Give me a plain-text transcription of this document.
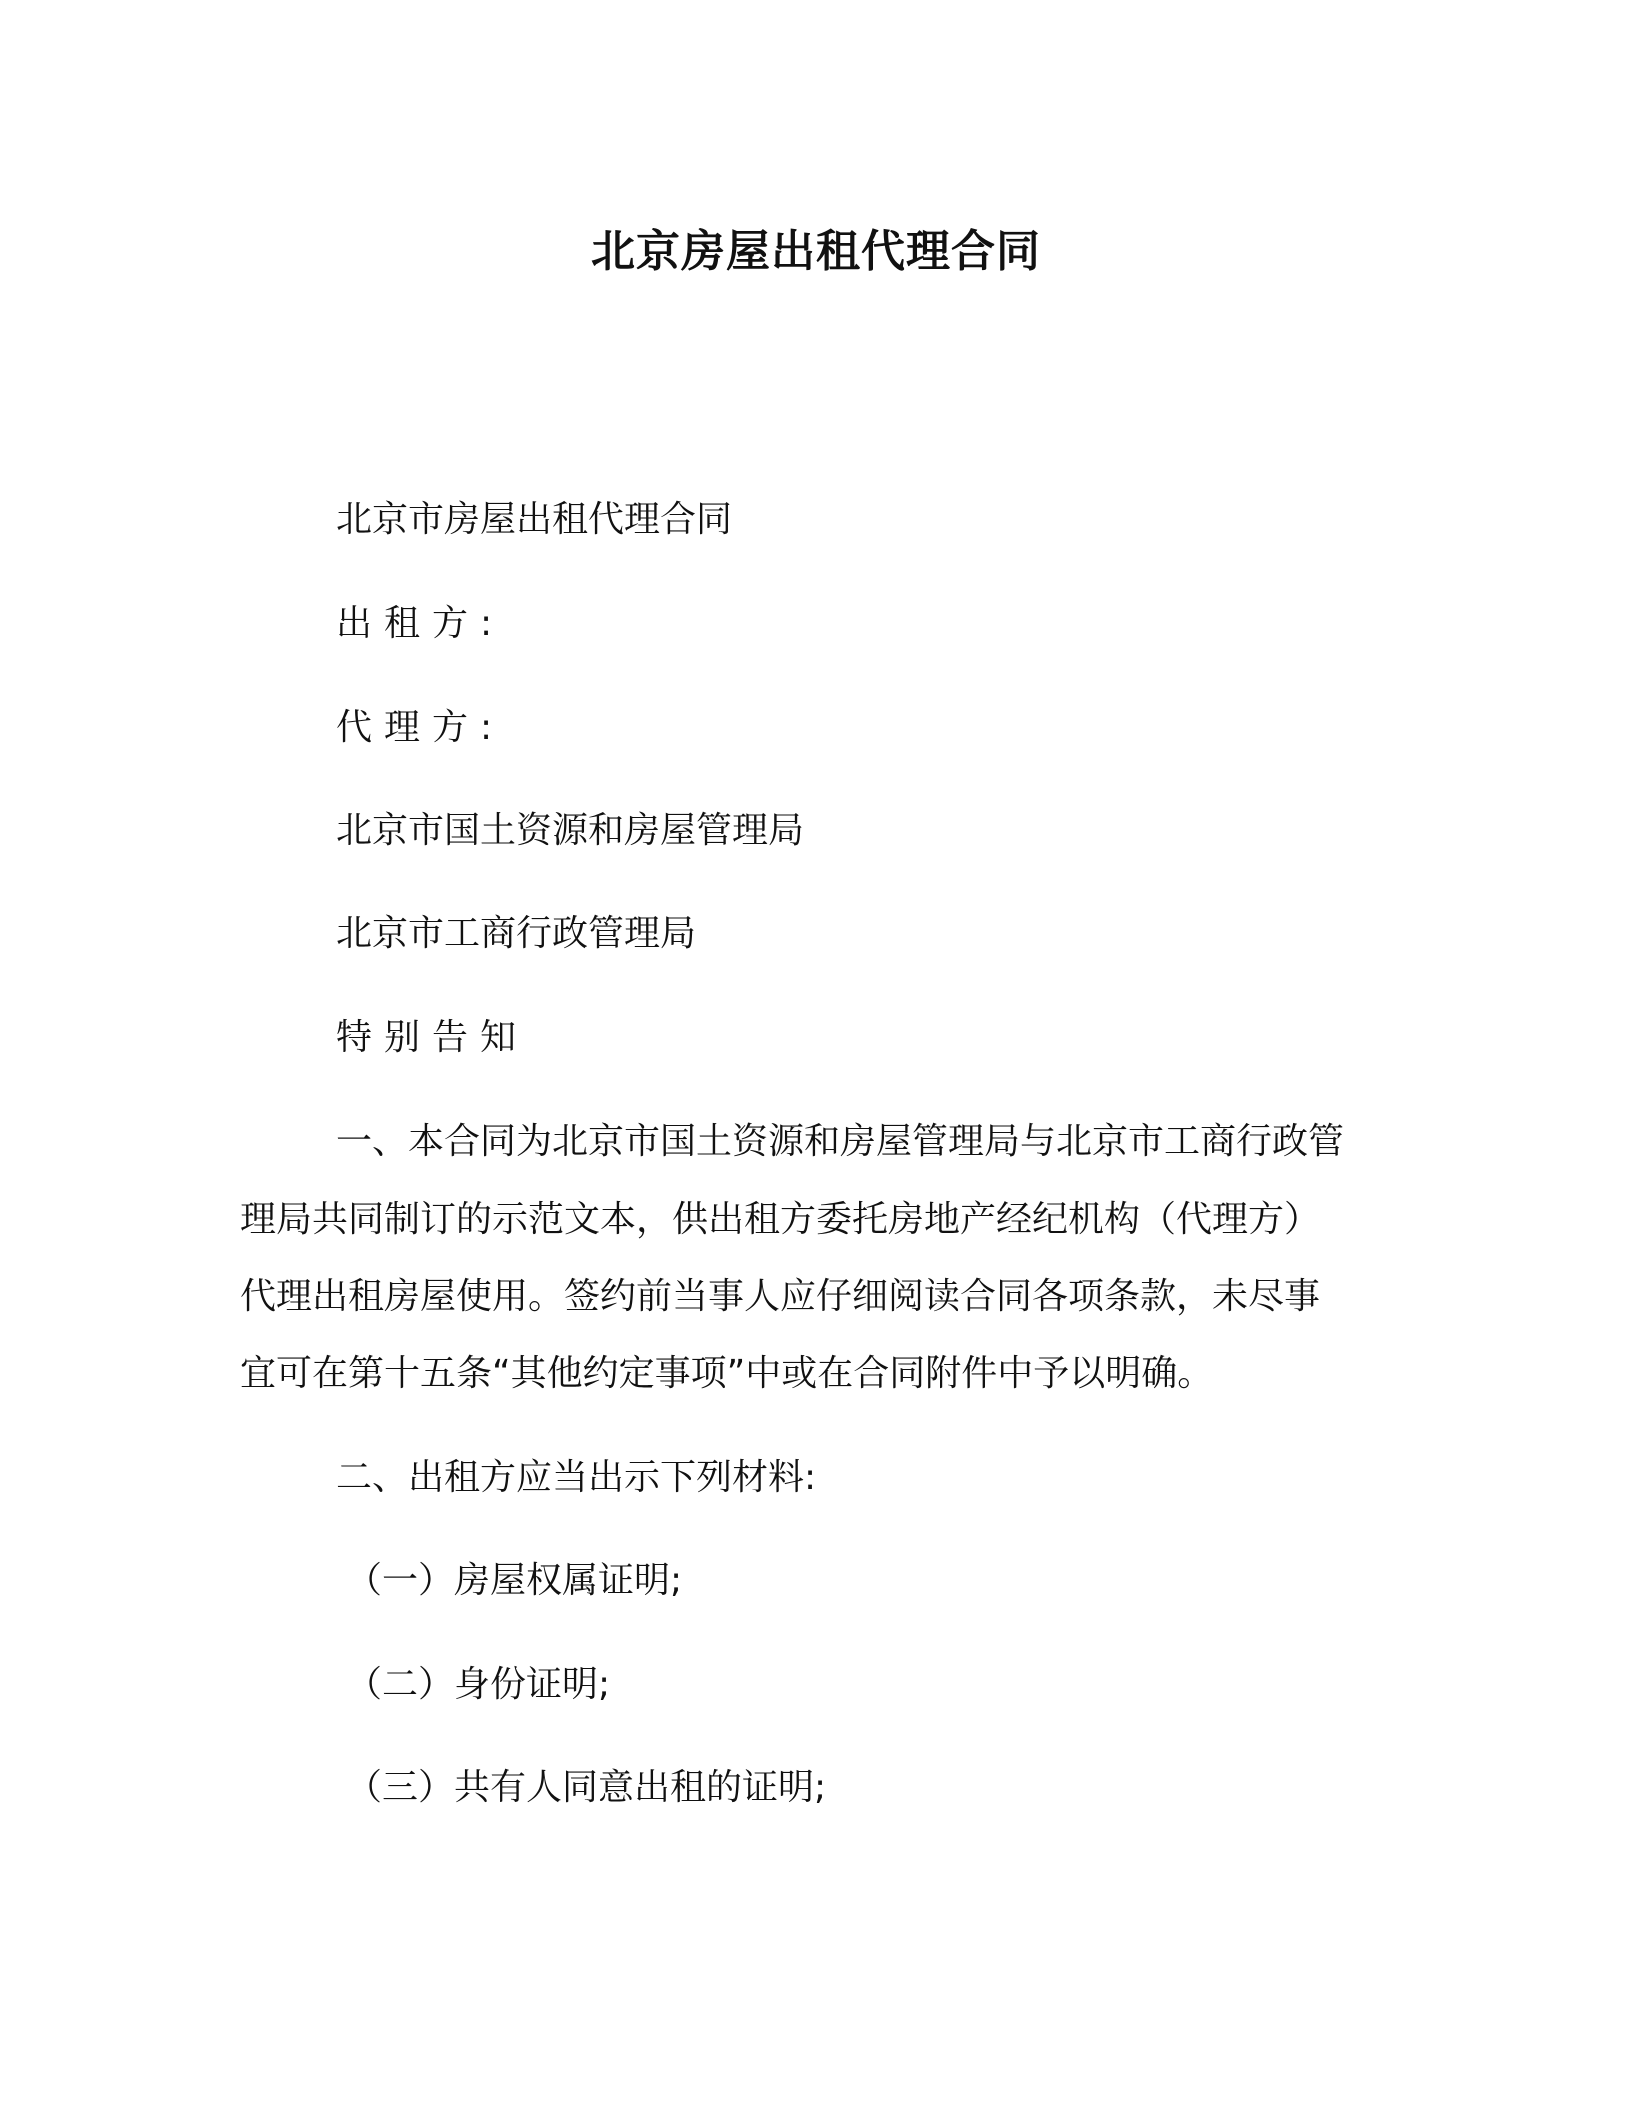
北京房屋出租代理合同
北京市房屋出租代理合同
出租方:
代理方:
北京市国土资源和房屋管理局
北京市工商行政管理局
特别告知
一、本合同为北京市国土资源和房屋管理局与北京市工商行政管
理局共同制订的示范文本，供出租方委托房地产经纪机构（代理方）
代理出租房屋使用。签约前当事人应仔细阅读合同各项条款，未尽事
宜可在第十五条“其他约定事项”中或在合同附件中予以明确。
二、出租方应当出示下列材料:
（一）房屋权属证明;
（二）身份证明;
（三）共有人同意出租的证明;
